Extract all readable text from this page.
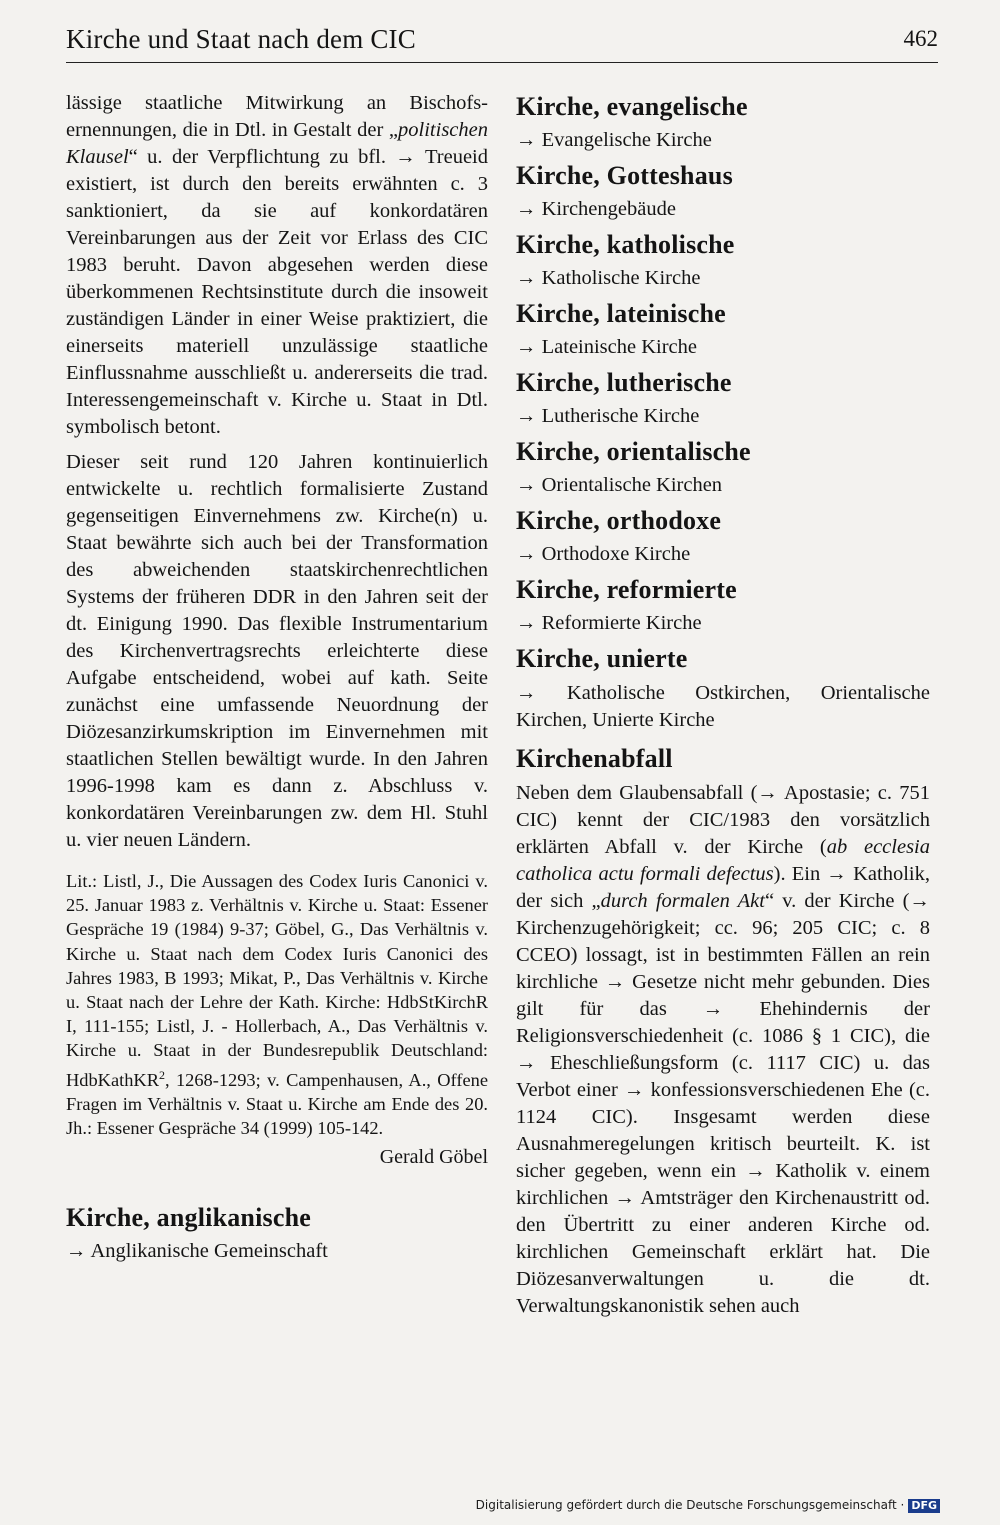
Kirche und Staat nach dem CIC	462

lässige staatliche Mitwirkung an Bischofsernennungen, die in Dtl. in Gestalt der „politischen Klausel“ u. der Verpflichtung zu bfl. → Treueid existiert, ist durch den bereits erwähnten c. 3 sanktioniert, da sie auf konkordatären Vereinbarungen aus der Zeit vor Erlass des CIC 1983 beruht. Davon abgesehen werden diese überkommenen Rechtsinstitute durch die insoweit zuständigen Länder in einer Weise praktiziert, die einerseits materiell unzulässige staatliche Einflussnahme ausschließt u. andererseits die trad. Interessengemeinschaft v. Kirche u. Staat in Dtl. symbolisch betont.

Dieser seit rund 120 Jahren kontinuierlich entwickelte u. rechtlich formalisierte Zustand gegenseitigen Einvernehmens zw. Kirche(n) u. Staat bewährte sich auch bei der Transformation des abweichenden staatskirchenrechtlichen Systems der früheren DDR in den Jahren seit der dt. Einigung 1990. Das flexible Instrumentarium des Kirchenvertragsrechts erleichterte diese Aufgabe entscheidend, wobei auf kath. Seite zunächst eine umfassende Neuordnung der Diözesanzirkumskription im Einvernehmen mit staatlichen Stellen bewältigt wurde. In den Jahren 1996-1998 kam es dann z. Abschluss v. konkordatären Vereinbarungen zw. dem Hl. Stuhl u. vier neuen Ländern.

Lit.: Listl, J., Die Aussagen des Codex Iuris Canonici v. 25. Januar 1983 z. Verhältnis v. Kirche u. Staat: Essener Gespräche 19 (1984) 9-37; Göbel, G., Das Verhältnis v. Kirche u. Staat nach dem Codex Iuris Canonici des Jahres 1983, B 1993; Mikat, P., Das Verhältnis v. Kirche u. Staat nach der Lehre der Kath. Kirche: HdbStKirchR I, 111-155; Listl, J. - Hollerbach, A., Das Verhältnis v. Kirche u. Staat in der Bundesrepublik Deutschland: HdbKathKR$^2$, 1268-1293; v. Campenhausen, A., Offene Fragen im Verhältnis v. Staat u. Kirche am Ende des 20. Jh.: Essener Gespräche 34 (1999) 105-142.

Gerald Göbel

Kirche, anglikanische
→ Anglikanische Gemeinschaft
Kirche, evangelische
→ Evangelische Kirche
Kirche, Gotteshaus
→ Kirchengebäude
Kirche, katholische
→ Katholische Kirche
Kirche, lateinische
→ Lateinische Kirche
Kirche, lutherische
→ Lutherische Kirche
Kirche, orientalische
→ Orientalische Kirchen
Kirche, orthodoxe
→ Orthodoxe Kirche
Kirche, reformierte
→ Reformierte Kirche
Kirche, unierte
→ Katholische Ostkirchen, Orientalische Kirchen, Unierte Kirche
Kirchenabfall

Neben dem Glaubensabfall (→ Apostasie; c. 751 CIC) kennt der CIC/1983 den vorsätzlich erklärten Abfall v. der Kirche (ab ecclesia catholica actu formali defectus). Ein → Katholik, der sich „durch formalen Akt“ v. der Kirche (→ Kirchenzugehörigkeit; cc. 96; 205 CIC; c. 8 CCEO) lossagt, ist in bestimmten Fällen an rein kirchliche → Gesetze nicht mehr gebunden. Dies gilt für das → Ehehindernis der Religionsverschiedenheit (c. 1086 § 1 CIC), die → Eheschließungsform (c. 1117 CIC) u. das Verbot einer → konfessionsverschiedenen Ehe (c. 1124 CIC). Insgesamt werden diese Ausnahmeregelungen kritisch beurteilt. K. ist sicher gegeben, wenn ein → Katholik v. einem kirchlichen → Amtsträger den Kirchenaustritt od. den Übertritt zu einer anderen Kirche od. kirchlichen Gemeinschaft erklärt hat. Die Diözesanverwaltungen u. die dt. Verwaltungskanonistik sehen auch

Digitalisierung gefördert durch die Deutsche Forschungsgemeinschaft · DFG
